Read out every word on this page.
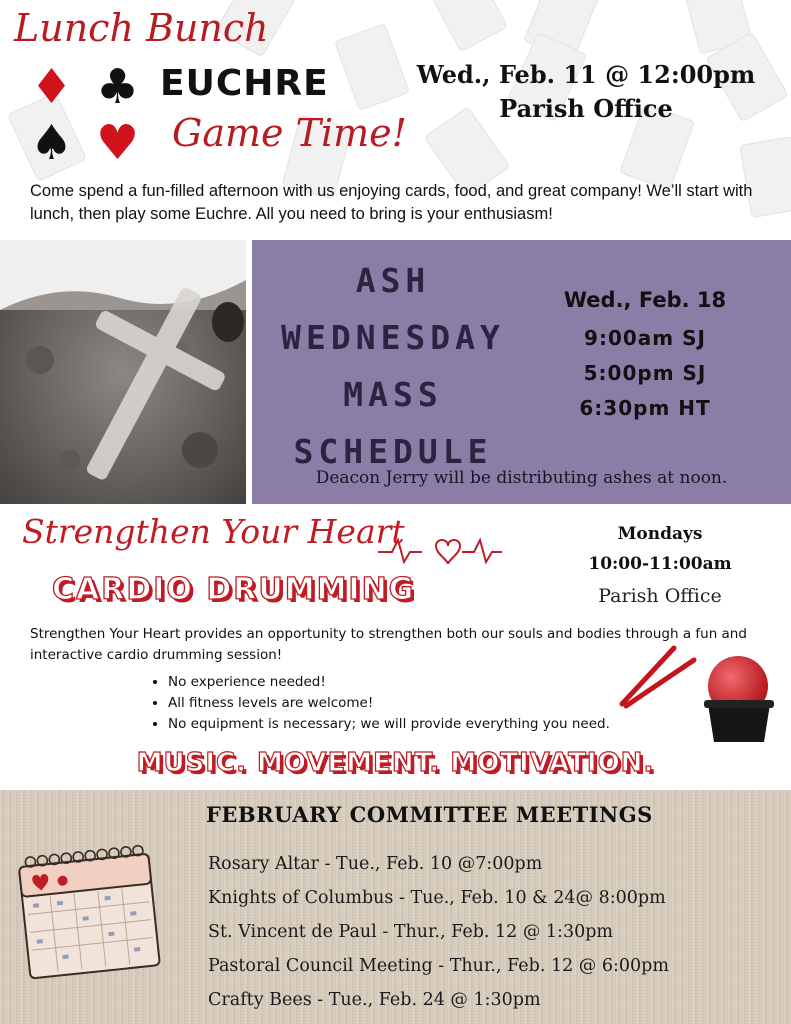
Lunch Bunch
♦ ♣
♠ ♥
EUCHRE
Game Time!
Wed., Feb. 11 @ 12:00pm
Parish Office
Come spend a fun-filled afternoon with us enjoying cards, food, and great company! We’ll start with lunch, then play some Euchre. All you need to bring is your enthusiasm!
ASH
WEDNESDAY
MASS
SCHEDULE
Wed., Feb. 18
9:00am SJ
5:00pm SJ
6:30pm HT
Deacon Jerry will be distributing ashes at noon.
Strengthen Your Heart
CARDIO DRUMMING
Mondays
10:00-11:00am
Parish Office
Strengthen Your Heart provides an opportunity to strengthen both our souls and bodies through a fun and interactive cardio drumming session!
• No experience needed!
• All fitness levels are welcome!
• No equipment is necessary; we will provide everything you need.
MUSIC. MOVEMENT. MOTIVATION.
FEBRUARY COMMITTEE MEETINGS
Rosary Altar - Tue., Feb. 10 @7:00pm
Knights of Columbus - Tue., Feb. 10 & 24@ 8:00pm
St. Vincent de Paul - Thur., Feb. 12 @ 1:30pm
Pastoral Council Meeting - Thur., Feb. 12 @ 6:00pm
Crafty Bees - Tue., Feb. 24 @ 1:30pm
